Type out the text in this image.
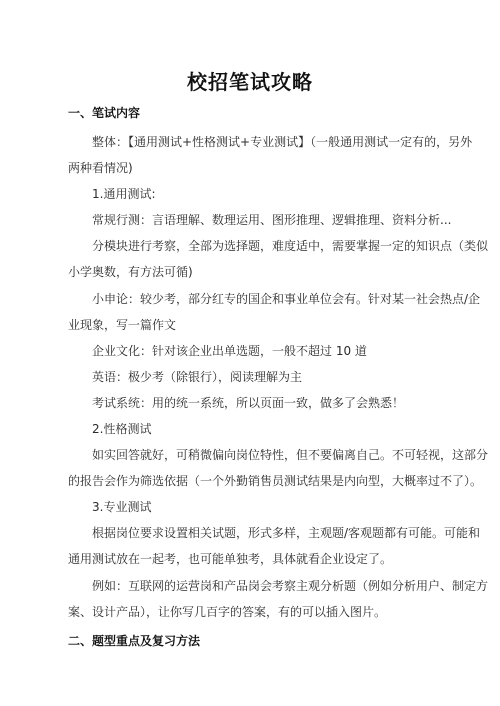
校招笔试攻略
一、笔试内容
整体：【通用测试+性格测试+专业测试】（一般通用测试一定有的，另外
两种看情况)
1.通用测试:
常规行测：言语理解、数理运用、图形推理、逻辑推理、资料分析...
分模块进行考察，全部为选择题，难度适中，需要掌握一定的知识点（类似
小学奥数，有方法可循)
小申论：较少考，部分红专的国企和事业单位会有。针对某一社会热点/企
业现象，写一篇作文
企业文化：针对该企业出单选题，一般不超过 10 道
英语：极少考（除银行），阅读理解为主
考试系统：用的统一系统，所以页面一致，做多了会熟悉！
2.性格测试
如实回答就好，可稍微偏向岗位特性，但不要偏离自己。不可轻视，这部分
的报告会作为筛选依据（一个外勤销售员测试结果是内向型，大概率过不了）。
3.专业测试
根据岗位要求设置相关试题，形式多样，主观题/客观题都有可能。可能和
通用测试放在一起考，也可能单独考，具体就看企业设定了。
例如：互联网的运营岗和产品岗会考察主观分析题（例如分析用户、制定方
案、设计产品），让你写几百字的答案，有的可以插入图片。
二、题型重点及复习方法
